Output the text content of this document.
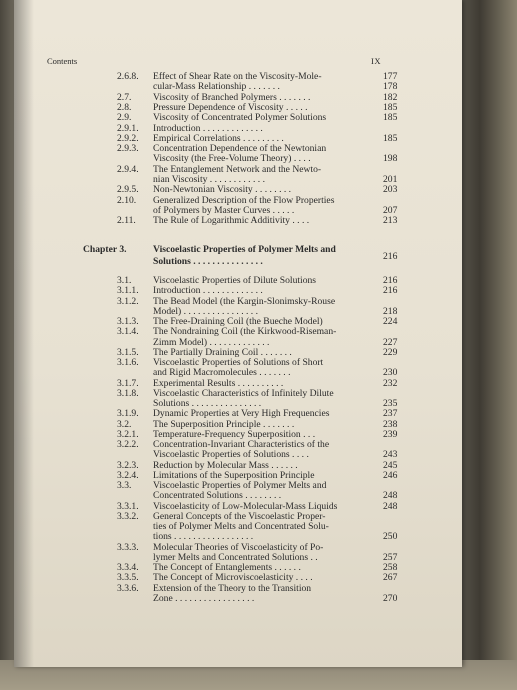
Contents	IX
2.6.8. Effect of Shear Rate on the Viscosity-Mole-	177
cular-Mass Relationship . . . . . . .	178
2.7. Viscosity of Branched Polymers . . . . . . .	182
2.8. Pressure Dependence of Viscosity . . . . .	185
2.9. Viscosity of Concentrated Polymer Solutions	185
2.9.1. Introduction . . . . . . . . . . . . .
2.9.2. Empirical Correlations . . . . . . . . .	185
2.9.3. Concentration Dependence of the Newtonian
Viscosity (the Free-Volume Theory) . . . .	198
2.9.4. The Entanglement Network and the Newto-
nian Viscosity . . . . . . . . . . . .	201
2.9.5. Non-Newtonian Viscosity . . . . . . . .	203
2.10. Generalized Description of the Flow Properties
of Polymers by Master Curves . . . . .	207
2.11. The Rule of Logarithmic Additivity . . . .	213
Chapter 3.	Viscoelastic Properties of Polymer Melts and
Solutions . . . . . . . . . . . . . . .	216
3.1. Viscoelastic Properties of Dilute Solutions	216
3.1.1. Introduction . . . . . . . . . . . . .	216
3.1.2. The Bead Model (the Kargin-Slonimsky-Rouse
Model) . . . . . . . . . . . . . . . .	218
3.1.3. The Free-Draining Coil (the Bueche Model)	224
3.1.4. The Nondraining Coil (the Kirkwood-Riseman-
Zimm Model) . . . . . . . . . . . . .	227
3.1.5. The Partially Draining Coil . . . . . . .	229
3.1.6. Viscoelastic Properties of Solutions of Short
and Rigid Macromolecules . . . . . . .	230
3.1.7. Experimental Results . . . . . . . . . .	232
3.1.8. Viscoelastic Characteristics of Infinitely Dilute
Solutions . . . . . . . . . . . . . . .	235
3.1.9. Dynamic Properties at Very High Frequencies	237
3.2. The Superposition Principle . . . . . . .	238
3.2.1. Temperature-Frequency Superposition . . .	239
3.2.2. Concentration-Invariant Characteristics of the
Viscoelastic Properties of Solutions . . . .	243
3.2.3. Reduction by Molecular Mass . . . . . .	245
3.2.4. Limitations of the Superposition Principle	246
3.3. Viscoelastic Properties of Polymer Melts and
Concentrated Solutions . . . . . . . .	248
3.3.1. Viscoelasticity of Low-Molecular-Mass Liquids	248
3.3.2. General Concepts of the Viscoelastic Proper-
ties of Polymer Melts and Concentrated Solu-
tions . . . . . . . . . . . . . . . . .	250
3.3.3. Molecular Theories of Viscoelasticity of Po-
lymer Melts and Concentrated Solutions . .	257
3.3.4. The Concept of Entanglements . . . . . .	258
3.3.5. The Concept of Microviscoelasticity . . . .	267
3.3.6. Extension of the Theory to the Transition
Zone . . . . . . . . . . . . . . . . .	270
